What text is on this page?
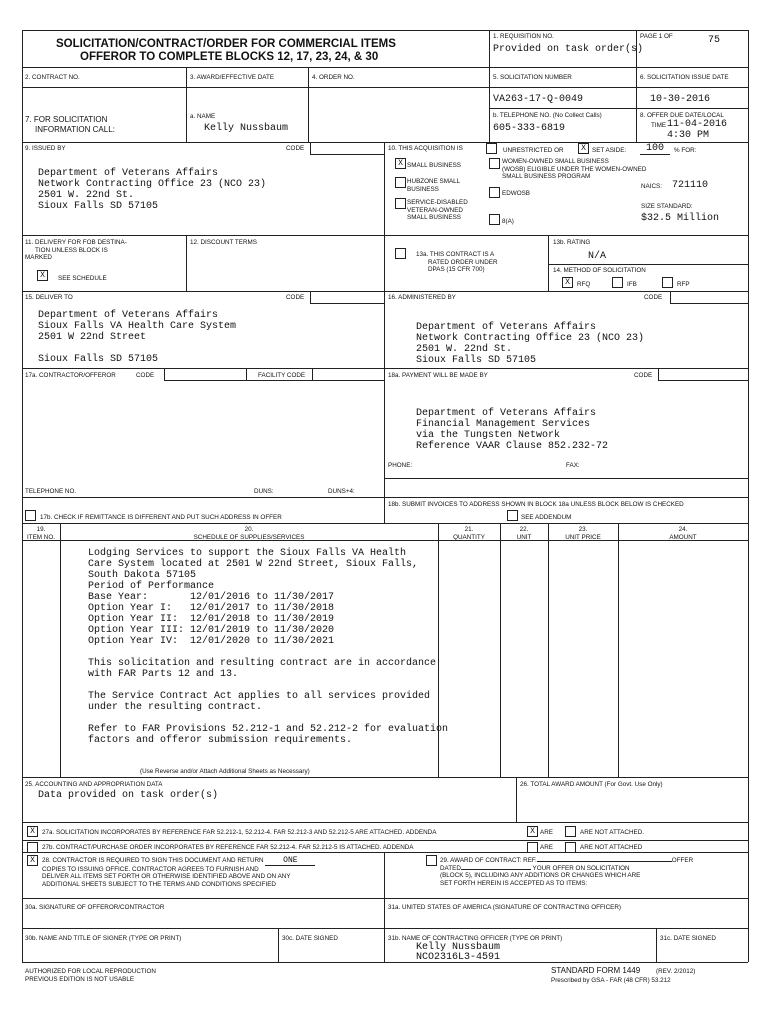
SOLICITATION/CONTRACT/ORDER FOR COMMERCIAL ITEMS
OFFEROR TO COMPLETE BLOCKS 12, 17, 23, 24, & 30
1. REQUISITION NO.
Provided on task order(s)
PAGE 1 OF	75
2. CONTRACT NO.	3. AWARD/EFFECTIVE DATE	4. ORDER NO.	5. SOLICITATION NUMBER
VA263-17-Q-0049
6. SOLICITATION ISSUE DATE
10-30-2016
7. FOR SOLICITATION
INFORMATION CALL:
a. NAME
Kelly Nussbaum
b. TELEPHONE NO. (No Collect Calls)
605-333-6819
8. OFFER DUE DATE/LOCAL
TIME 11-04-2016
4:30 PM
9. ISSUED BY	CODE
Department of Veterans Affairs
Network Contracting Office 23 (NCO 23)
2501 W. 22nd St.
Sioux Falls SD 57105
10. THIS ACQUISITION IS	UNRESTRICTED OR	X SET ASIDE:	100	% FOR:
X SMALL BUSINESS
HUBZONE SMALL
BUSINESS
SERVICE-DISABLED
VETERAN-OWNED
SMALL BUSINESS
WOMEN-OWNED SMALL BUSINESS
(WOSB) ELIGIBLE UNDER THE WOMEN-OWNED
SMALL BUSINESS PROGRAM
EDWOSB
8(A)
NAICS: 721110
SIZE STANDARD:
$32.5 Million
11. DELIVERY FOR FOB DESTINA-
TION UNLESS BLOCK IS
MARKED
X	SEE SCHEDULE
12. DISCOUNT TERMS
13a. THIS CONTRACT IS A
RATED ORDER UNDER
DPAS (15 CFR 700)
13b. RATING
N/A
14. METHOD OF SOLICITATION
X	RFQ	IFB	RFP
15. DELIVER TO	CODE
Department of Veterans Affairs
Sioux Falls VA Health Care System
2501 W 22nd Street
Sioux Falls SD 57105
16. ADMINISTERED BY	CODE
Department of Veterans Affairs
Network Contracting Office 23 (NCO 23)
2501 W. 22nd St.
Sioux Falls SD 57105
17a. CONTRACTOR/OFFEROR	CODE	FACILITY CODE	18a. PAYMENT WILL BE MADE BY	CODE
Department of Veterans Affairs
Financial Management Services
via the Tungsten Network
Reference VAAR Clause 852.232-72
PHONE:	FAX:
TELEPHONE NO.	DUNS:	DUNS+4:
17b. CHECK IF REMITTANCE IS DIFFERENT AND PUT SUCH ADDRESS IN OFFER
18b. SUBMIT INVOICES TO ADDRESS SHOWN IN BLOCK 18a UNLESS BLOCK BELOW IS CHECKED
SEE ADDENDUM
19.
ITEM NO.
20.
SCHEDULE OF SUPPLIES/SERVICES
21.
QUANTITY
22.
UNIT
23.
UNIT PRICE
24.
AMOUNT
Lodging Services to support the Sioux Falls VA Health
Care System located at 2501 W 22nd Street, Sioux Falls,
South Dakota 57105
Period of Performance
Base Year:       12/01/2016 to 11/30/2017
Option Year I:   12/01/2017 to 11/30/2018
Option Year II:  12/01/2018 to 11/30/2019
Option Year III: 12/01/2019 to 11/30/2020
Option Year IV:  12/01/2020 to 11/30/2021
This solicitation and resulting contract are in accordance
with FAR Parts 12 and 13.
The Service Contract Act applies to all services provided
under the resulting contract.
Refer to FAR Provisions 52.212-1 and 52.212-2 for evaluation
factors and offeror submission requirements.
(Use Reverse and/or Attach Additional Sheets as Necessary)
25. ACCOUNTING AND APPROPRIATION DATA
Data provided on task order(s)
26. TOTAL AWARD AMOUNT (For Govt. Use Only)
X	27a. SOLICITATION INCORPORATES BY REFERENCE FAR 52.212-1, 52.212-4. FAR 52.212-3 AND 52.212-5 ARE ATTACHED. ADDENDA
27b. CONTRACT/PURCHASE ORDER INCORPORATES BY REFERENCE FAR 52.212-4. FAR 52.212-5 IS ATTACHED. ADDENDA
X ARE	ARE NOT ATTACHED.
ARE	ARE NOT ATTACHED
X	28. CONTRACTOR IS REQUIRED TO SIGN THIS DOCUMENT AND RETURN ONE
COPIES TO ISSUING OFFICE. CONTRACTOR AGREES TO FURNISH AND
DELIVER ALL ITEMS SET FORTH OR OTHERWISE IDENTIFIED ABOVE AND ON ANY
ADDITIONAL SHEETS SUBJECT TO THE TERMS AND CONDITIONS SPECIFIED
29. AWARD OF CONTRACT: REF.	OFFER
DATED	YOUR OFFER ON SOLICITATION
(BLOCK 5), INCLUDING ANY ADDITIONS OR CHANGES WHICH ARE
SET FORTH HEREIN IS ACCEPTED AS TO ITEMS:
30a. SIGNATURE OF OFFEROR/CONTRACTOR	31a. UNITED STATES OF AMERICA (SIGNATURE OF CONTRACTING OFFICER)
30b. NAME AND TITLE OF SIGNER (TYPE OR PRINT)	30c. DATE SIGNED	31b. NAME OF CONTRACTING OFFICER (TYPE OR PRINT)	31c. DATE SIGNED
Kelly Nussbaum
NCO2316L3-4591
AUTHORIZED FOR LOCAL REPRODUCTION
PREVIOUS EDITION IS NOT USABLE
STANDARD FORM 1449	(REV. 2/2012)
Prescribed by GSA - FAR (48 CFR) 53.212
